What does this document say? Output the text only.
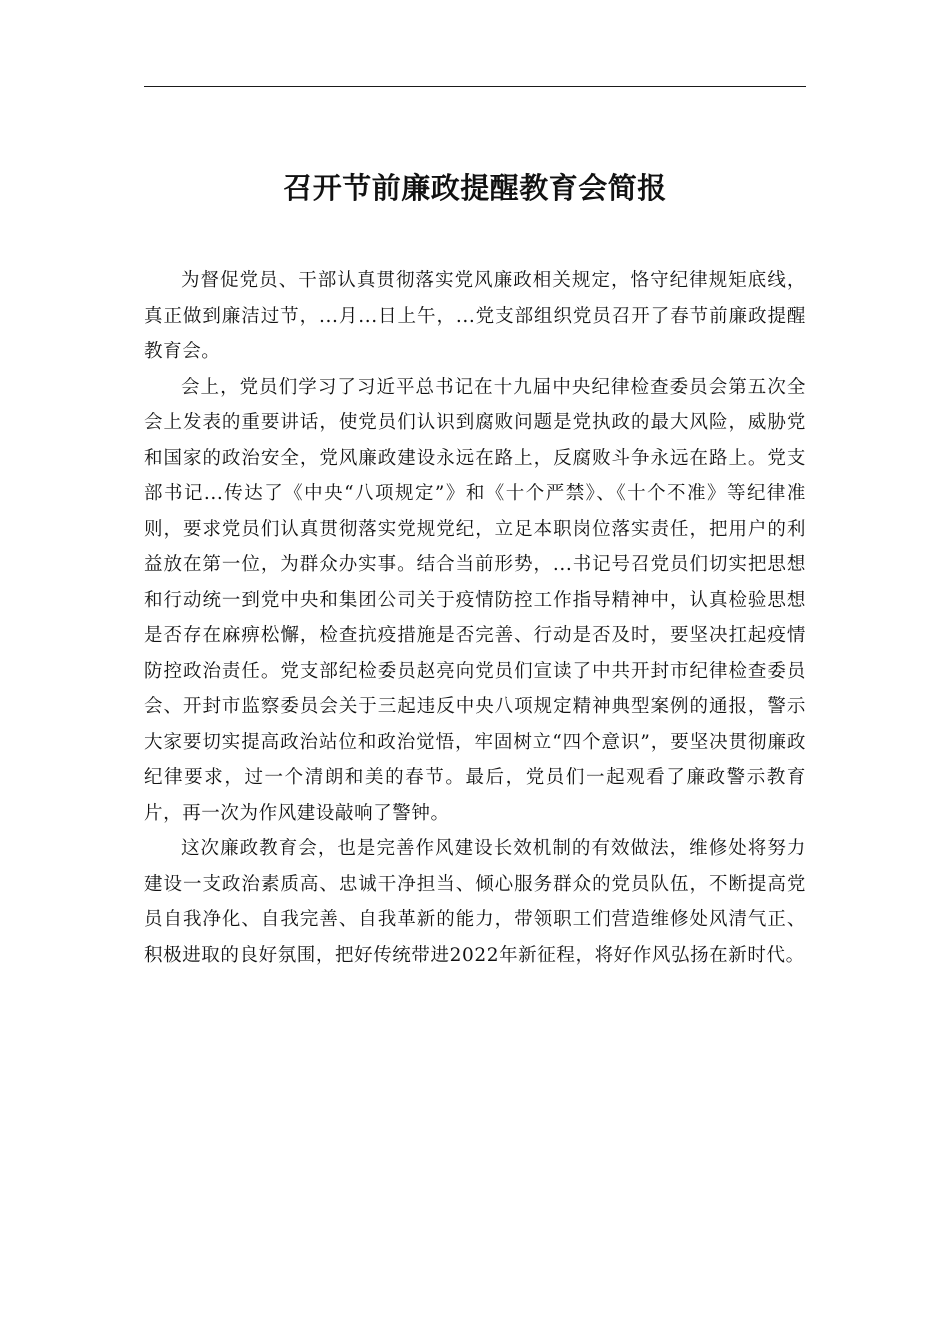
召开节前廉政提醒教育会简报

为督促党员、干部认真贯彻落实党风廉政相关规定，恪守纪律规矩底线，真正做到廉洁过节，...月...日上午，...党支部组织党员召开了春节前廉政提醒教育会。

会上，党员们学习了习近平总书记在十九届中央纪律检查委员会第五次全会上发表的重要讲话，使党员们认识到腐败问题是党执政的最大风险，威胁党和国家的政治安全，党风廉政建设永远在路上，反腐败斗争永远在路上。党支部书记...传达了《中央“八项规定”》和《十个严禁》、《十个不准》等纪律准则，要求党员们认真贯彻落实党规党纪，立足本职岗位落实责任，把用户的利益放在第一位，为群众办实事。结合当前形势，...书记号召党员们切实把思想和行动统一到党中央和集团公司关于疫情防控工作指导精神中，认真检验思想是否存在麻痹松懈，检查抗疫措施是否完善、行动是否及时，要坚决扛起疫情防控政治责任。党支部纪检委员赵亮向党员们宣读了中共开封市纪律检查委员会、开封市监察委员会关于三起违反中央八项规定精神典型案例的通报，警示大家要切实提高政治站位和政治觉悟，牢固树立“四个意识”，要坚决贯彻廉政纪律要求，过一个清朗和美的春节。最后，党员们一起观看了廉政警示教育片，再一次为作风建设敲响了警钟。

这次廉政教育会，也是完善作风建设长效机制的有效做法，维修处将努力建设一支政治素质高、忠诚干净担当、倾心服务群众的党员队伍，不断提高党员自我净化、自我完善、自我革新的能力，带领职工们营造维修处风清气正、积极进取的良好氛围，把好传统带进2022年新征程，将好作风弘扬在新时代。
